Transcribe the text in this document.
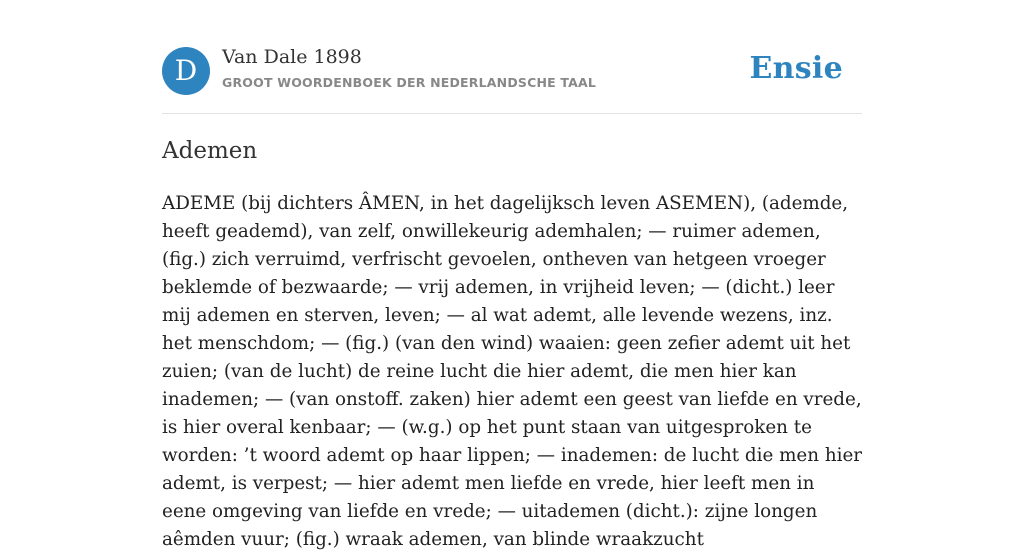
D	Van Dale 1898
GROOT WOORDENBOEK DER NEDERLANDSCHE TAAL	Ensie
Ademen

ADEME (bij dichters ÂMEN, in het dagelijksch leven ASEMEN), (ademde, heeft geademd), van zelf, onwillekeurig ademhalen; — ruimer ademen, (fig.) zich verruimd, verfrischt gevoelen, ontheven van hetgeen vroeger beklemde of bezwaarde; — vrij ademen, in vrijheid leven; — (dicht.) leer mij ademen en sterven, leven; — al wat ademt, alle levende wezens, inz. het menschdom; — (fig.) (van den wind) waaien: geen zefier ademt uit het zuien; (van de lucht) de reine lucht die hier ademt, die men hier kan inademen; — (van onstoff. zaken) hier ademt een geest van liefde en vrede, is hier overal kenbaar; — (w.g.) op het punt staan van uitgesproken te worden: ’t woord ademt op haar lippen; — inademen: de lucht die men hier ademt, is verpest; — hier ademt men liefde en vrede, hier leeft men in eene omgeving van liefde en vrede; — uitademen (dicht.): zijne longen aêmden vuur; (fig.) wraak ademen, van blinde wraakzucht
